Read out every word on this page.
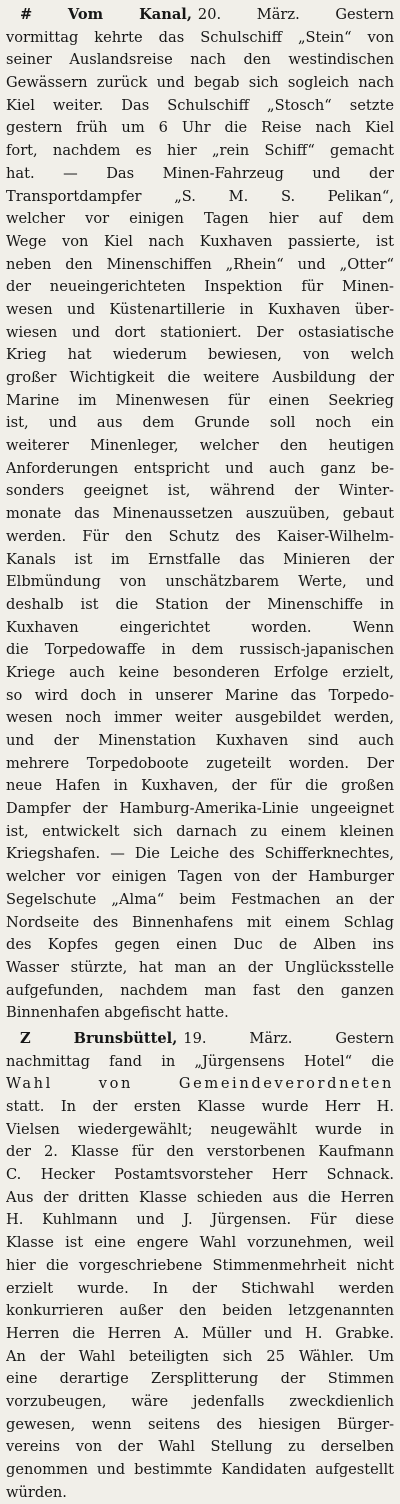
# Vom Kanal, 20. März. Gestern
vormittag kehrte das Schulschiff „Stein“ von
seiner Auslandsreise nach den westindischen
Gewässern zurück und begab sich sogleich nach
Kiel weiter. Das Schulschiff „Stosch“ setzte
gestern früh um 6 Uhr die Reise nach Kiel
fort, nachdem es hier „rein Schiff“ gemacht
hat. — Das Minen-Fahrzeug und der
Transportdampfer „S. M. S. Pelikan“,
welcher vor einigen Tagen hier auf dem
Wege von Kiel nach Kuxhaven passierte, ist
neben den Minenschiffen „Rhein“ und „Otter“
der neueingerichteten Inspektion für Minen-
wesen und Küstenartillerie in Kuxhaven über-
wiesen und dort stationiert. Der ostasiatische
Krieg hat wiederum bewiesen, von welch
großer Wichtigkeit die weitere Ausbildung der
Marine im Minenwesen für einen Seekrieg
ist, und aus dem Grunde soll noch ein
weiterer Minenleger, welcher den heutigen
Anforderungen entspricht und auch ganz be-
sonders geeignet ist, während der Winter-
monate das Minenaussetzen auszuüben, gebaut
werden. Für den Schutz des Kaiser-Wilhelm-
Kanals ist im Ernstfalle das Minieren der
Elbmündung von unschätzbarem Werte, und
deshalb ist die Station der Minenschiffe in
Kuxhaven eingerichtet worden. Wenn
die Torpedowaffe in dem russisch-japanischen
Kriege auch keine besonderen Erfolge erzielt,
so wird doch in unserer Marine das Torpedo-
wesen noch immer weiter ausgebildet werden,
und der Minenstation Kuxhaven sind auch
mehrere Torpedoboote zugeteilt worden. Der
neue Hafen in Kuxhaven, der für die großen
Dampfer der Hamburg-Amerika-Linie ungeeignet
ist, entwickelt sich darnach zu einem kleinen
Kriegshafen. — Die Leiche des Schifferknechtes,
welcher vor einigen Tagen von der Hamburger
Segelschute „Alma“ beim Festmachen an der
Nordseite des Binnenhafens mit einem Schlag
des Kopfes gegen einen Duc de Alben ins
Wasser stürzte, hat man an der Unglücksstelle
aufgefunden, nachdem man fast den ganzen
Binnenhafen abgefischt hatte.
Z	Brunsbüttel, 19. März.	Gestern
nachmittag fand in „Jürgensens Hotel“ die
Wahl von Gemeindeverordneten
statt. In der ersten Klasse wurde Herr H.
Vielsen wiedergewählt; neugewählt wurde in
der 2. Klasse für den verstorbenen Kaufmann
C. Hecker Postamtsvorsteher Herr Schnack.
Aus der dritten Klasse schieden aus die Herren
H. Kuhlmann und J. Jürgensen. Für diese
Klasse ist eine engere Wahl vorzunehmen, weil
hier die vorgeschriebene Stimmenmehrheit nicht
erzielt wurde. In der Stichwahl werden
konkurrieren außer den beiden letzgenannten
Herren die Herren A. Müller und H. Grabke.
An der Wahl beteiligten sich 25 Wähler. Um
eine derartige Zersplitterung der Stimmen
vorzubeugen, wäre jedenfalls zweckdienlich
gewesen, wenn seitens des hiesigen Bürger-
vereins von der Wahl Stellung zu derselben
genommen und bestimmte Kandidaten aufgestellt
würden.
